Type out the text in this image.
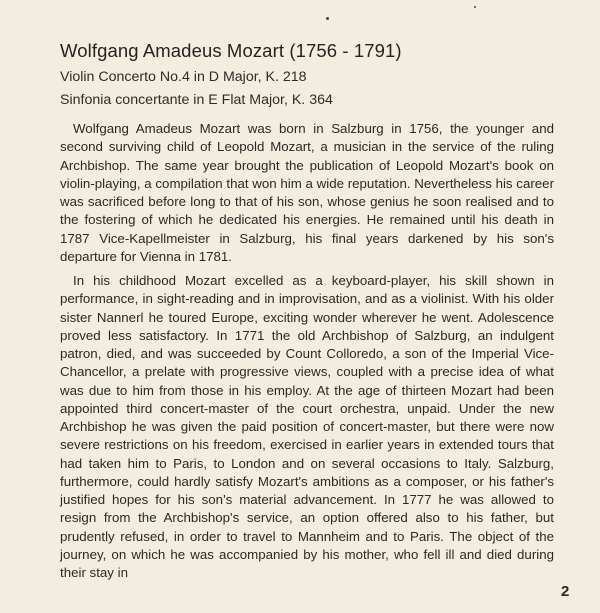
Wolfgang Amadeus Mozart (1756 - 1791)
Violin Concerto No.4 in D Major, K. 218
Sinfonia concertante in E Flat Major, K. 364

Wolfgang Amadeus Mozart was born in Salzburg in 1756, the younger and second surviving child of Leopold Mozart, a musician in the service of the ruling Archbishop. The same year brought the publication of Leopold Mozart's book on violin-playing, a compilation that won him a wide reputation. Nevertheless his career was sacrificed before long to that of his son, whose genius he soon realised and to the fostering of which he dedicated his energies. He remained until his death in 1787 Vice-Kapellmeister in Salzburg, his final years darkened by his son's departure for Vienna in 1781.

In his childhood Mozart excelled as a keyboard-player, his skill shown in performance, in sight-reading and in improvisation, and as a violinist. With his older sister Nannerl he toured Europe, exciting wonder wherever he went. Adolescence proved less satisfactory. In 1771 the old Archbishop of Salzburg, an indulgent patron, died, and was succeeded by Count Colloredo, a son of the Imperial Vice-Chancellor, a prelate with progressive views, coupled with a precise idea of what was due to him from those in his employ. At the age of thirteen Mozart had been appointed third concert-master of the court orchestra, unpaid. Under the new Archbishop he was given the paid position of concert-master, but there were now severe restrictions on his freedom, exercised in earlier years in extended tours that had taken him to Paris, to London and on several occasions to Italy. Salzburg, furthermore, could hardly satisfy Mozart's ambitions as a composer, or his father's justified hopes for his son's material advancement. In 1777 he was allowed to resign from the Archbishop's service, an option offered also to his father, but prudently refused, in order to travel to Mannheim and to Paris. The object of the journey, on which he was accompanied by his mother, who fell ill and died during their stay in

2
